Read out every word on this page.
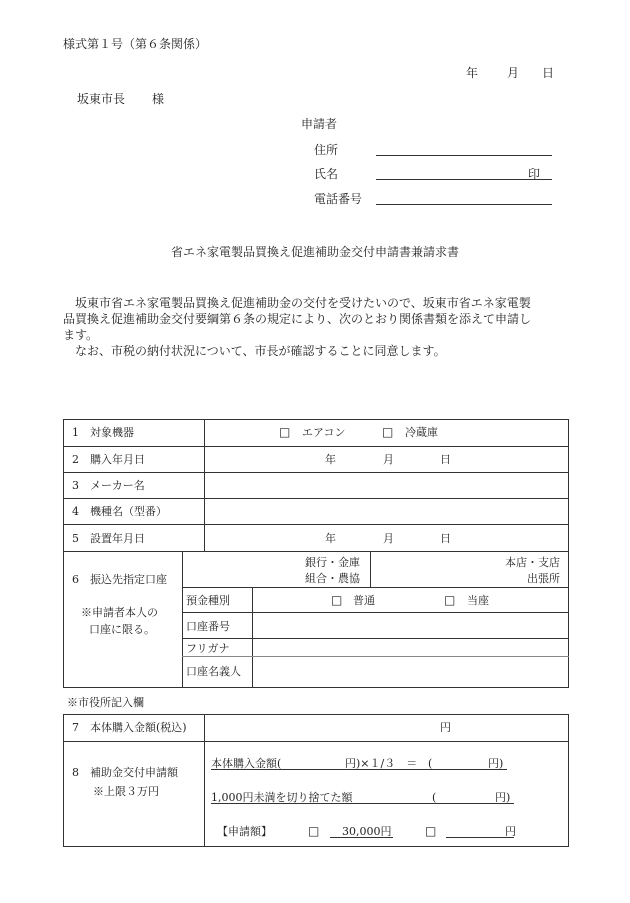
様式第１号（第６条関係）
年 月 日
坂東市長 様
申請者
住所
氏名	印
電話番号
省エネ家電製品買換え促進補助金交付申請書兼請求書
　坂東市省エネ家電製品買換え促進補助金の交付を受けたいので、坂東市省エネ家電製
品買換え促進補助金交付要綱第６条の規定により、次のとおり関係書類を添えて申請し
ます。
　なお、市税の納付状況について、市長が確認することに同意します。
1　対象機器	□ エアコン	□ 冷蔵庫
2　購入年月日	年	月	日
3　メーカー名
4　機種名（型番）
5　設置年月日	年	月	日
6　振込先指定口座
※申請者本人の
口座に限る。
銀行・金庫
組合・農協
本店・支店
出張所
預金種別	□ 普通	□ 当座
口座番号
フリガナ
口座名義人
※市役所記入欄
7　本体購入金額(税込)	円
8　補助金交付申請額
※上限３万円
本体購入金額(	円)×１/３　＝ (	円)
1,000円未満を切り捨てた額	(	円)
【申請額】	□ 30,000円	□	円
